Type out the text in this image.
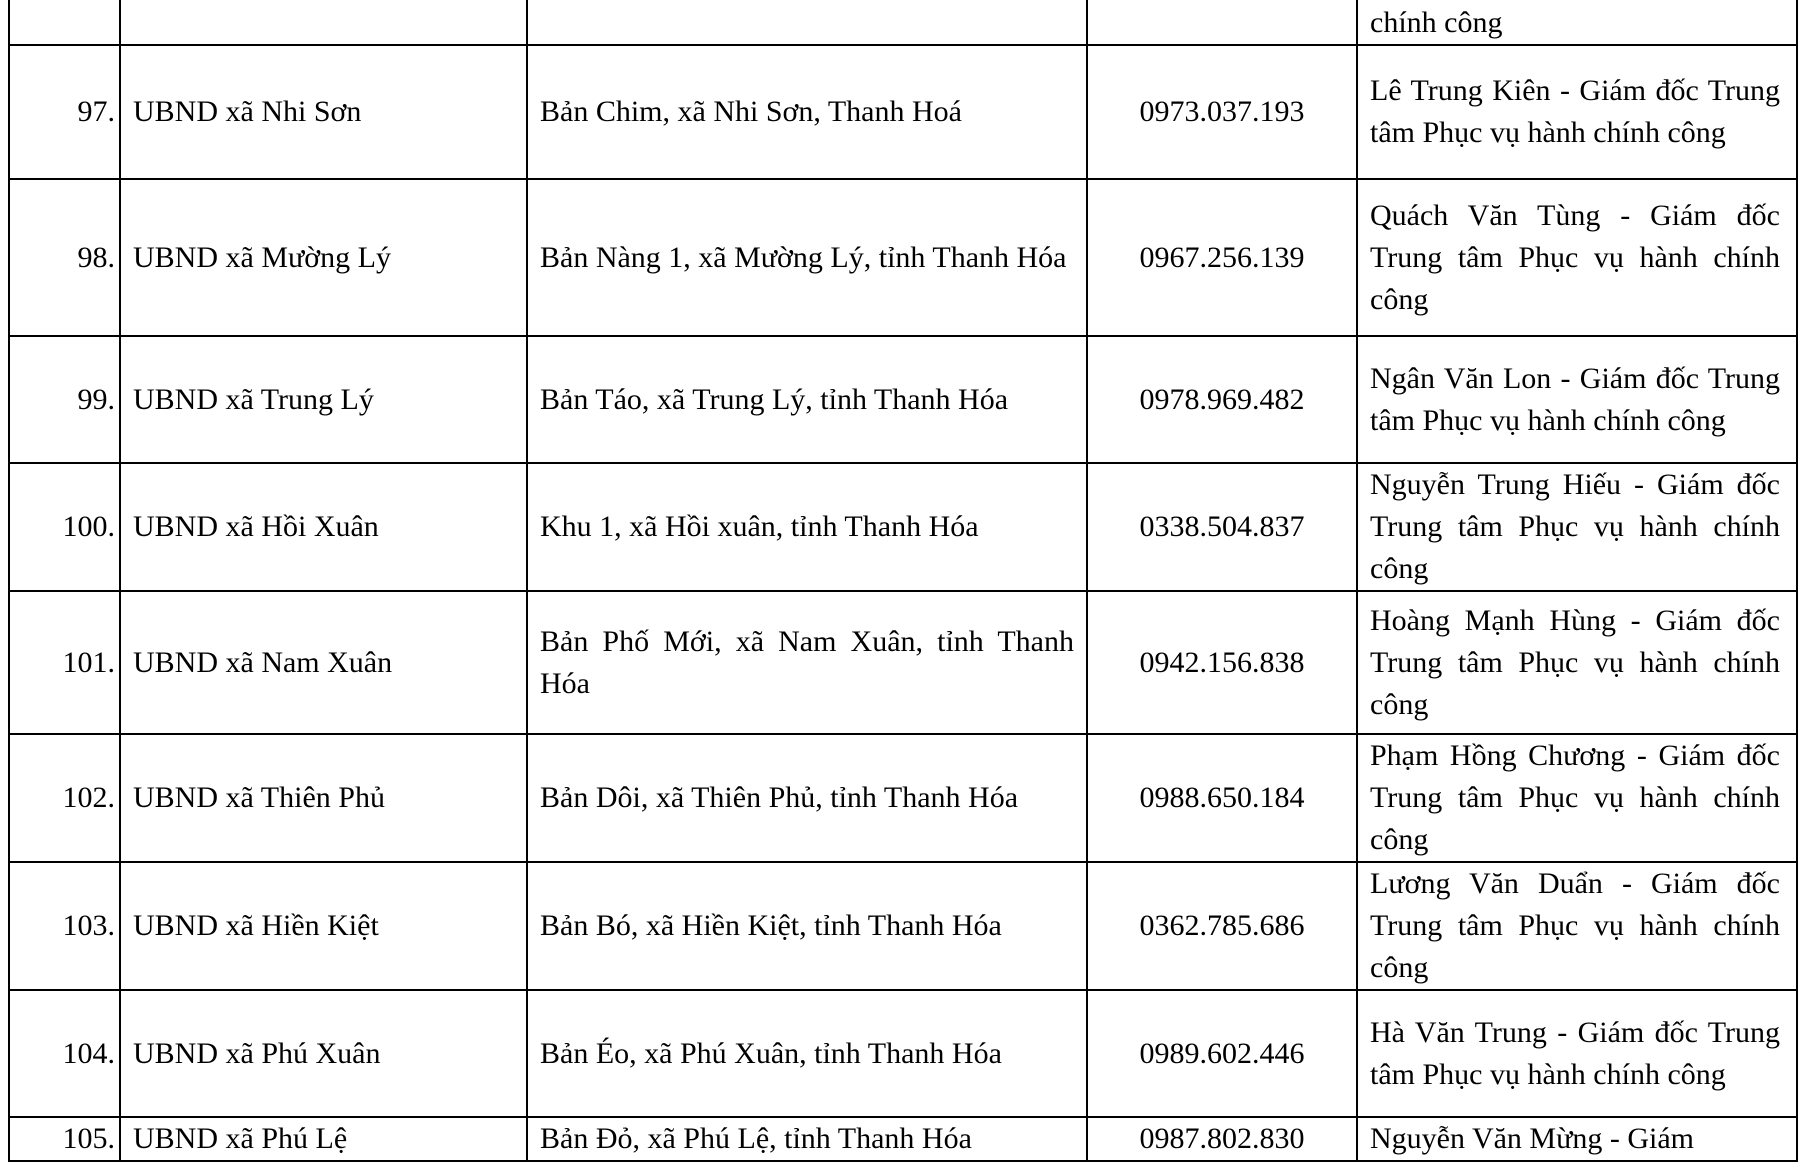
				chính công
97.	UBND xã Nhi Sơn	Bản Chim, xã Nhi Sơn, Thanh Hoá	0973.037.193	Lê Trung Kiên - Giám đốc Trung tâm Phục vụ hành chính công
98.	UBND xã Mường Lý	Bản Nàng 1, xã Mường Lý, tỉnh Thanh Hóa	0967.256.139	Quách Văn Tùng - Giám đốc Trung tâm Phục vụ hành chính công
99.	UBND xã Trung Lý	Bản Táo, xã Trung Lý, tỉnh Thanh Hóa	0978.969.482	Ngân Văn Lon - Giám đốc Trung tâm Phục vụ hành chính công
100.	UBND xã Hồi Xuân	Khu 1, xã Hồi xuân, tỉnh Thanh Hóa	0338.504.837	Nguyễn Trung Hiếu - Giám đốc Trung tâm Phục vụ hành chính công
101.	UBND xã Nam Xuân	Bản Phố Mới, xã Nam Xuân, tỉnh Thanh Hóa	0942.156.838	Hoàng Mạnh Hùng - Giám đốc Trung tâm Phục vụ hành chính công
102.	UBND xã Thiên Phủ	Bản Dôi, xã Thiên Phủ, tỉnh Thanh Hóa	0988.650.184	Phạm Hồng Chương - Giám đốc Trung tâm Phục vụ hành chính công
103.	UBND xã Hiền Kiệt	Bản Bó, xã Hiền Kiệt, tỉnh Thanh Hóa	0362.785.686	Lương Văn Duẩn - Giám đốc Trung tâm Phục vụ hành chính công
104.	UBND xã Phú Xuân	Bản Éo, xã Phú Xuân, tỉnh Thanh Hóa	0989.602.446	Hà Văn Trung - Giám đốc Trung tâm Phục vụ hành chính công
105.	UBND xã Phú Lệ	Bản Đỏ, xã Phú Lệ, tỉnh Thanh Hóa	0987.802.830	Nguyễn Văn Mừng - Giám
